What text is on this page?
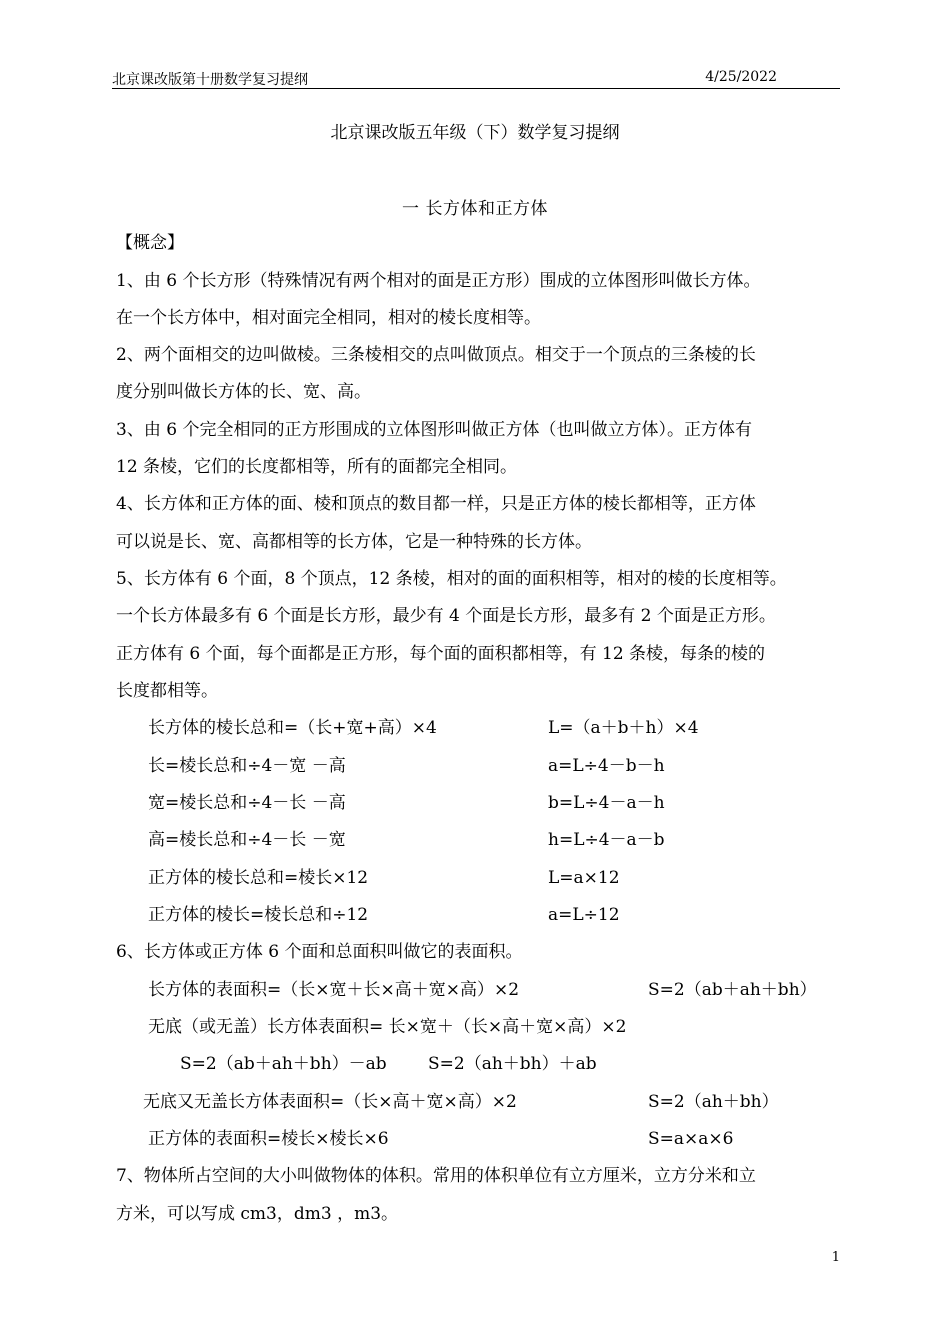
北京课改版第十册数学复习提纲	4/25/2022
北京课改版五年级（下）数学复习提纲
一 长方体和正方体
【概念】
1、由 6 个长方形（特殊情况有两个相对的面是正方形）围成的立体图形叫做长方体。
在一个长方体中，相对面完全相同，相对的棱长度相等。
2、两个面相交的边叫做棱。三条棱相交的点叫做顶点。相交于一个顶点的三条棱的长
度分别叫做长方体的长、宽、高。
3、由 6 个完全相同的正方形围成的立体图形叫做正方体（也叫做立方体）。正方体有
12 条棱，它们的长度都相等，所有的面都完全相同。
4、长方体和正方体的面、棱和顶点的数目都一样，只是正方体的棱长都相等，正方体
可以说是长、宽、高都相等的长方体，它是一种特殊的长方体。
5、长方体有 6 个面，8 个顶点，12 条棱，相对的面的面积相等，相对的棱的长度相等。
一个长方体最多有 6 个面是长方形，最少有 4 个面是长方形，最多有 2 个面是正方形。
正方体有 6 个面，每个面都是正方形，每个面的面积都相等，有 12 条棱，每条的棱的
长度都相等。
长方体的棱长总和=（长+宽+高）×4	L=（a＋b＋h）×4
长=棱长总和÷4－宽 －高	a=L÷4－b－h
宽=棱长总和÷4－长 －高	b=L÷4－a－h
高=棱长总和÷4－长 －宽	h=L÷4－a－b
正方体的棱长总和=棱长×12	L=a×12
正方体的棱长=棱长总和÷12	a=L÷12
6、长方体或正方体 6 个面和总面积叫做它的表面积。
长方体的表面积=（长×宽＋长×高＋宽×高）×2	S=2（ab＋ah＋bh）
无底（或无盖）长方体表面积= 长×宽＋（长×高＋宽×高）×2
S=2（ab＋ah＋bh）－ab S=2（ah＋bh）＋ab
无底又无盖长方体表面积=（长×高＋宽×高）×2	S=2（ah＋bh）
正方体的表面积=棱长×棱长×6	S=a×a×6
7、物体所占空间的大小叫做物体的体积。常用的体积单位有立方厘米，立方分米和立
方米，可以写成 cm3，dm3 ，m3。
1
